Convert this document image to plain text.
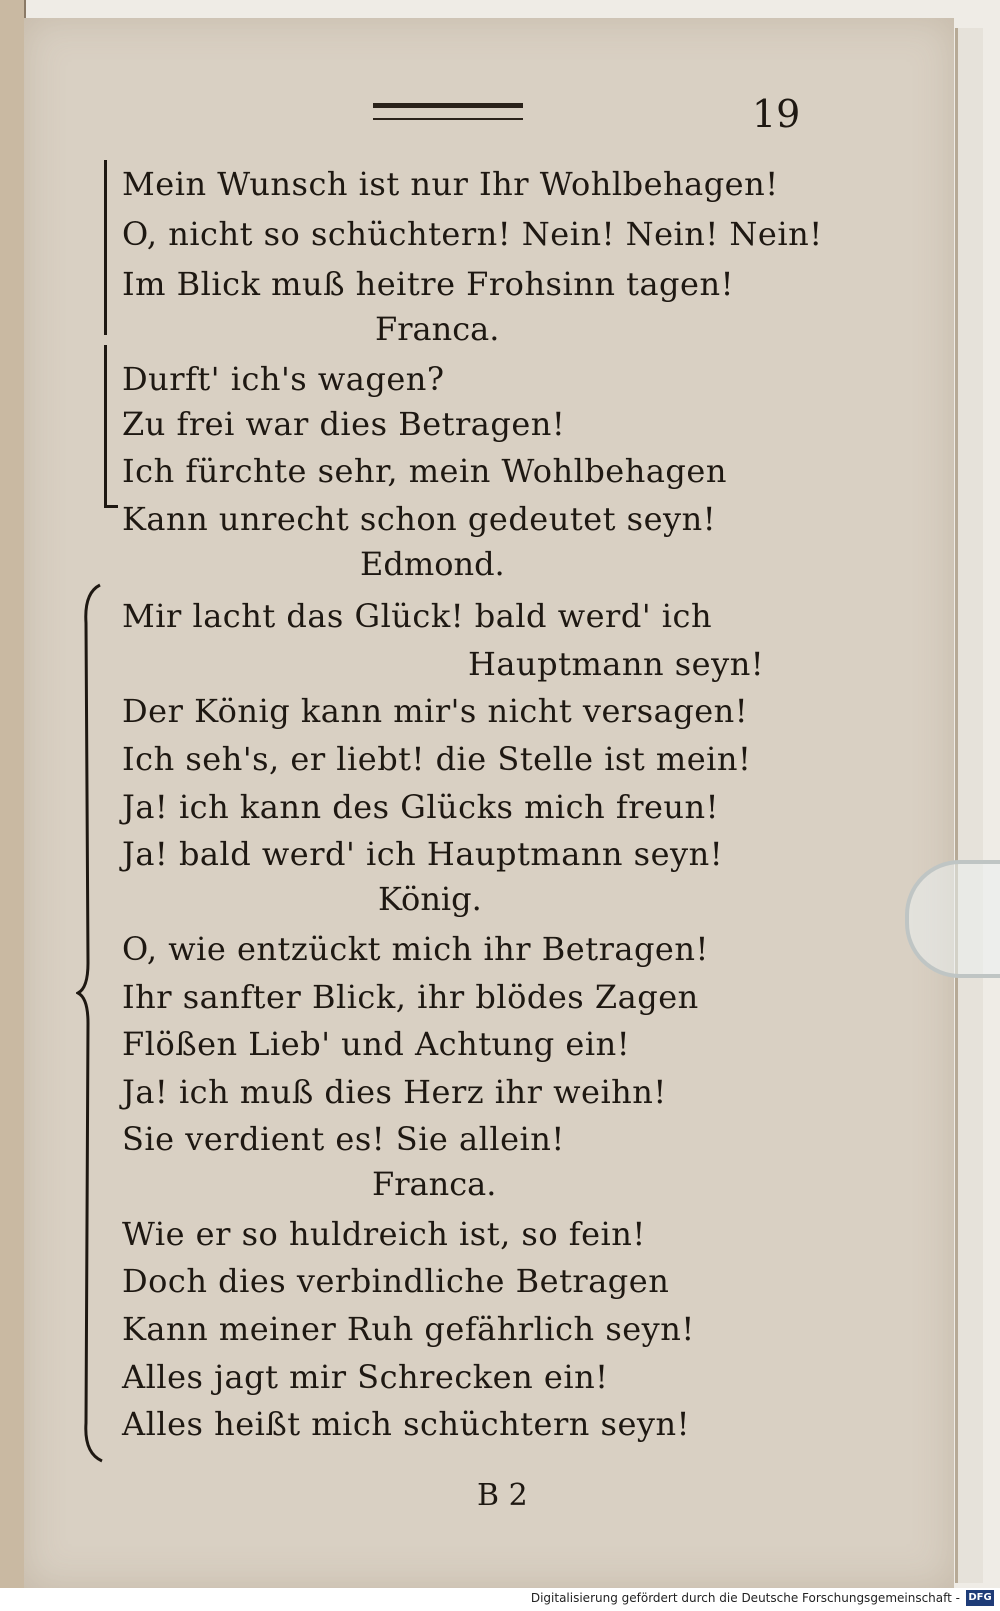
19
Mein Wunsch ist nur Ihr Wohlbehagen!
O, nicht so schüchtern! Nein! Nein! Nein!
Im Blick muß heitre Frohsinn tagen!
Franca.
Durft' ich's wagen?
Zu frei war dies Betragen!
Ich fürchte sehr, mein Wohlbehagen
Kann unrecht schon gedeutet seyn!
Edmond.
Mir lacht das Glück! bald werd' ich
Hauptmann seyn!
Der König kann mir's nicht versagen!
Ich seh's, er liebt! die Stelle ist mein!
Ja! ich kann des Glücks mich freun!
Ja! bald werd' ich Hauptmann seyn!
König.
O, wie entzückt mich ihr Betragen!
Ihr sanfter Blick, ihr blödes Zagen
Flößen Lieb' und Achtung ein!
Ja! ich muß dies Herz ihr weihn!
Sie verdient es! Sie allein!
Franca.
Wie er so huldreich ist, so fein!
Doch dies verbindliche Betragen
Kann meiner Ruh gefährlich seyn!
Alles jagt mir Schrecken ein!
Alles heißt mich schüchtern seyn!
B 2
Digitalisierung gefördert durch die Deutsche Forschungsgemeinschaft - DFG
